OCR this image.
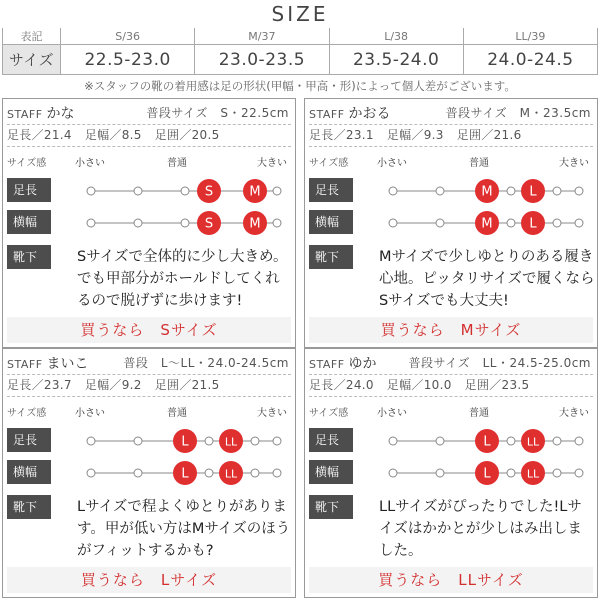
SIZE
表記	S/36	M/37	L/38	LL/39
サイズ	22.5-23.0	23.0-23.5	23.5-24.0	24.0-24.5
※スタッフの靴の着用感は足の形状(甲幅・甲高・形)によって個人差がございます。
STAFF かな	普段サイズ　S・22.5cm
足長／21.4 足幅／8.5 足囲／20.5
サイズ感	小さい	普通	大きい
足長	S	M
横幅	S	M
靴下	Sサイズで全体的に少し大きめ。でも甲部分がホールドしてくれるので脱げずに歩けます!
買うなら　Sサイズ
STAFF かおる	普段サイズ　M・23.5cm
足長／23.1 足幅／9.3 足囲／21.6
サイズ感	小さい	普通	大きい
足長	M	L
横幅	M	L
靴下	Mサイズで少しゆとりのある履き心地。ピッタリサイズで履くならSサイズでも大丈夫!
買うなら　Mサイズ
STAFF まいこ	普段　L～LL・24.0-24.5cm
足長／23.7 足幅／9.2 足囲／21.5
サイズ感	小さい	普通	大きい
足長	L	LL
横幅	L	LL
靴下	Lサイズで程よくゆとりがあります。甲が低い方はMサイズのほうがフィットするかも?
買うなら　Lサイズ
STAFF ゆか	普段サイズ　LL・24.5-25.0cm
足長／24.0 足幅／10.0 足囲／23.5
サイズ感	小さい	普通	大きい
足長	L	LL
横幅	L	LL
靴下	LLサイズがぴったりでした!Lサイズはかかとが少しはみ出しました。
買うなら　LLサイズ
